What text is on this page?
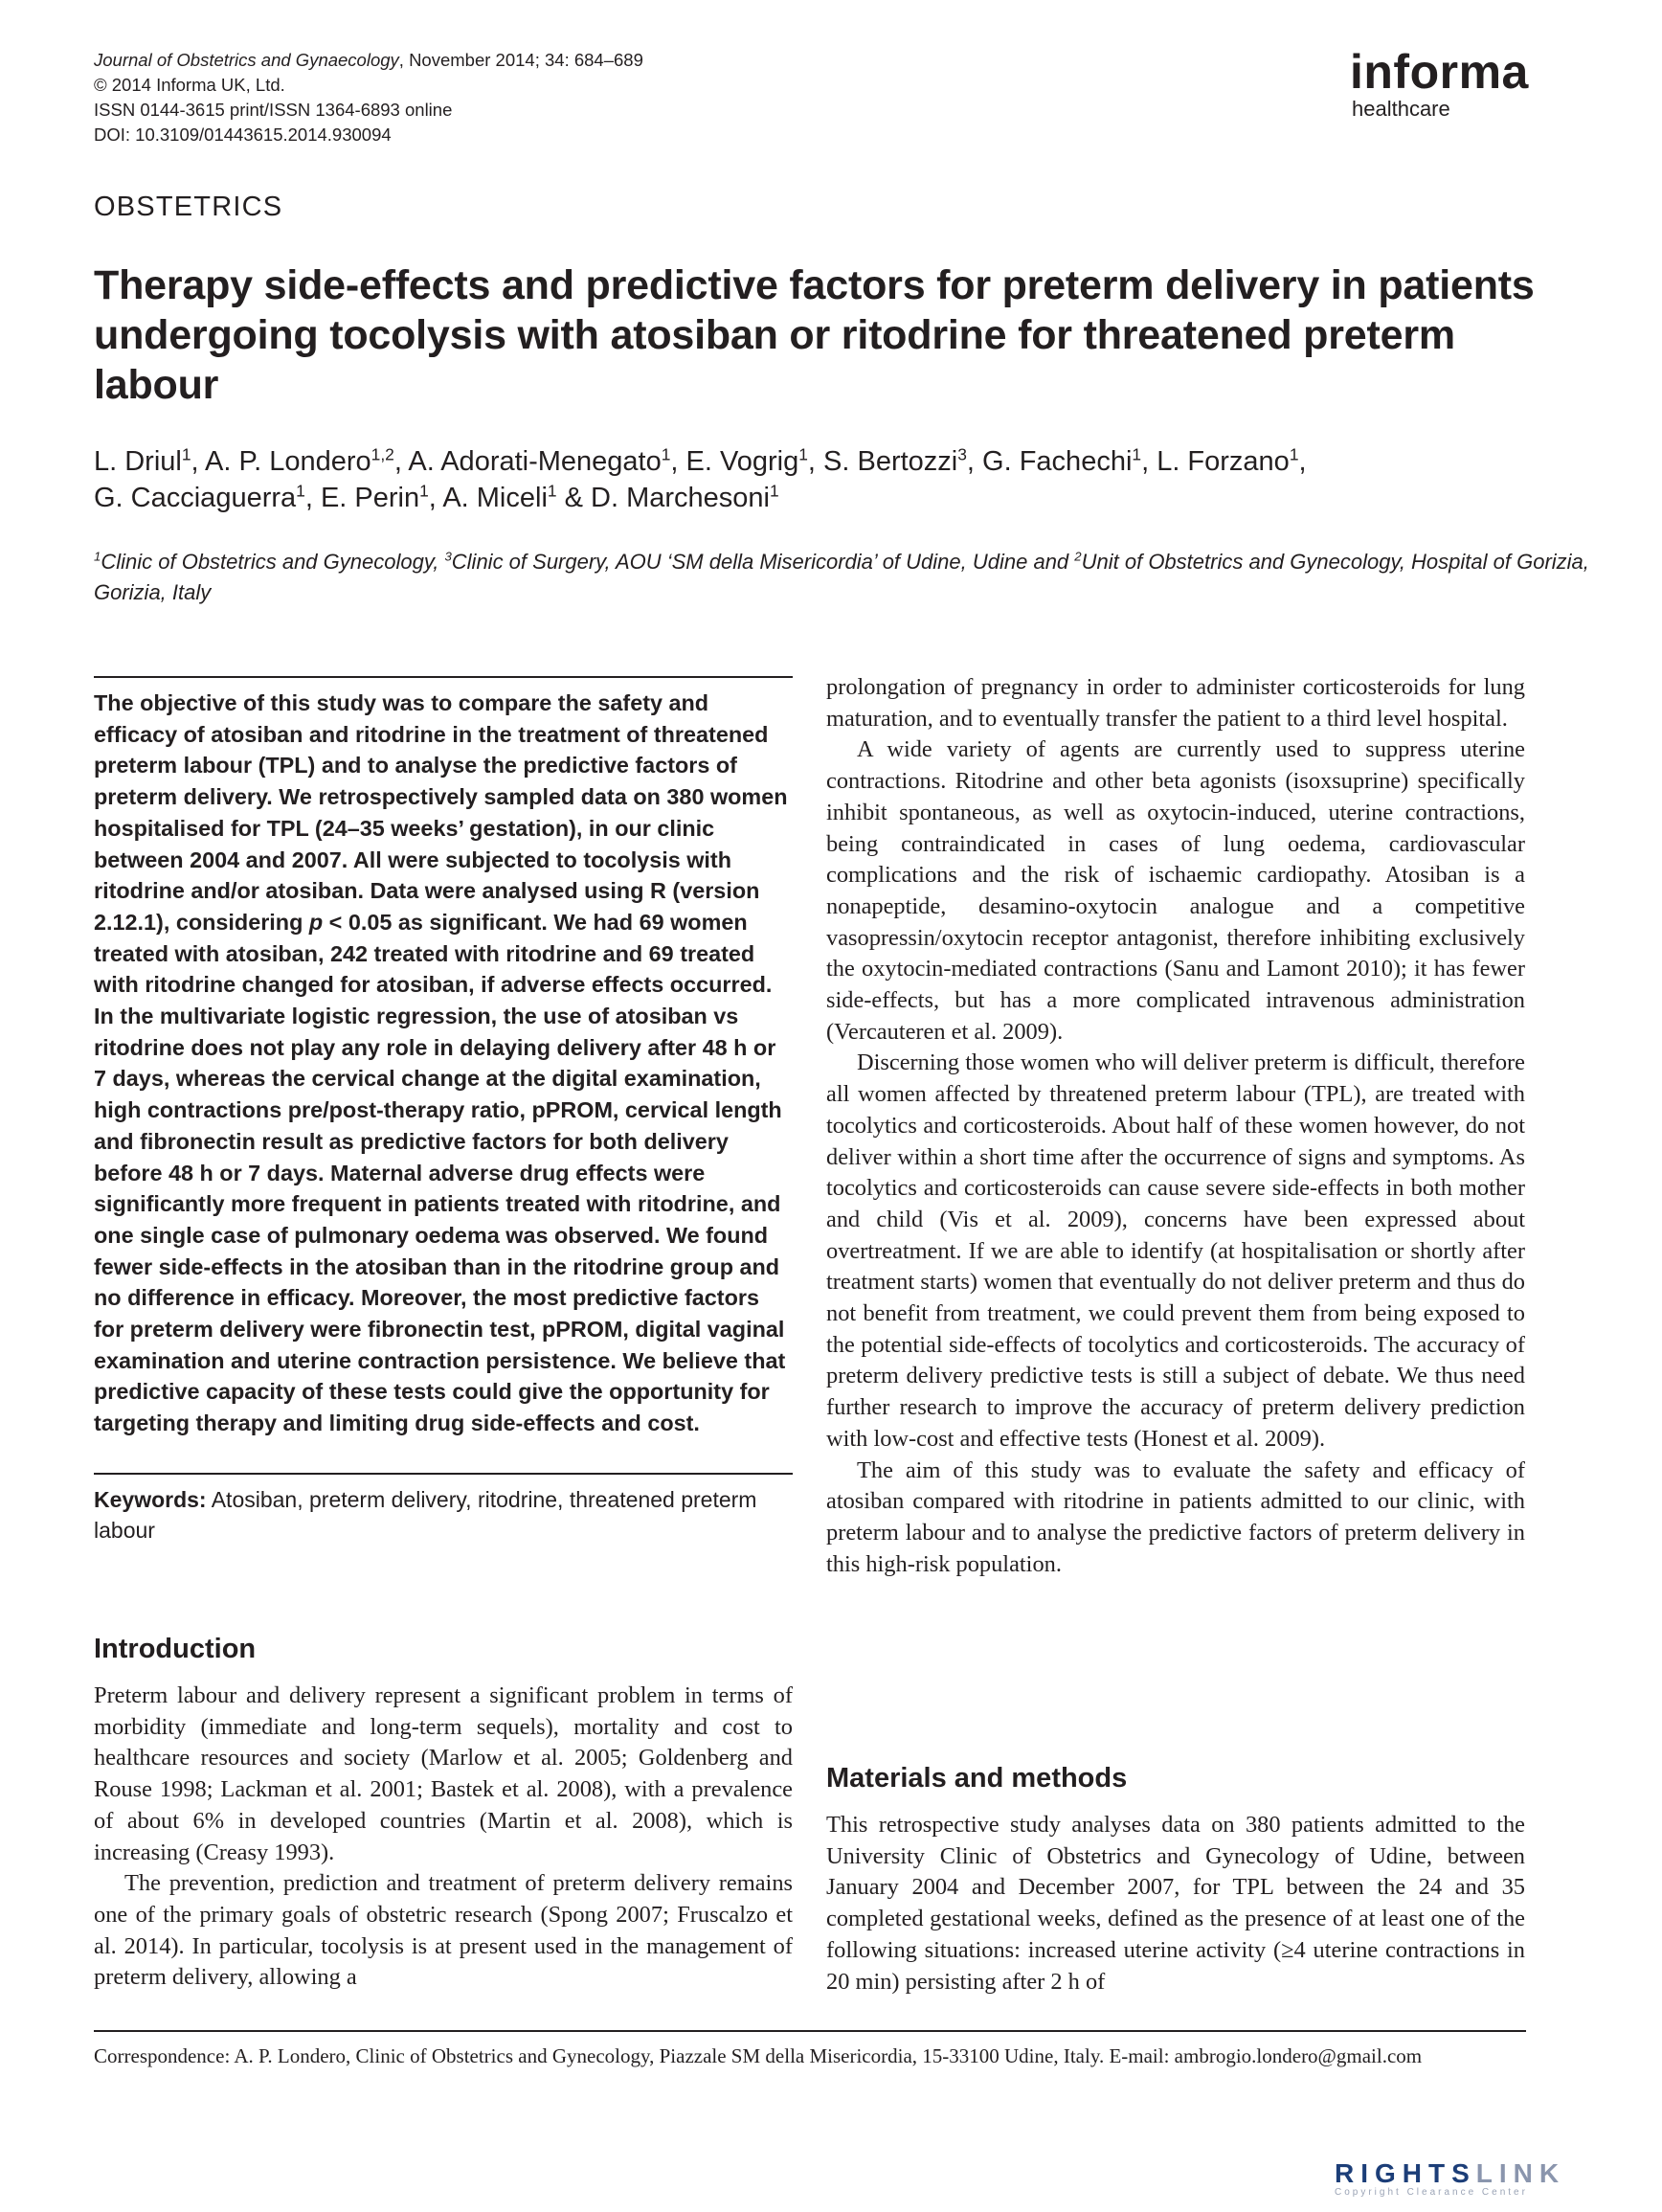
Journal of Obstetrics and Gynaecology, November 2014; 34: 684–689
© 2014 Informa UK, Ltd.
ISSN 0144-3615 print/ISSN 1364-6893 online
DOI: 10.3109/01443615.2014.930094
informa
healthcare
OBSTETRICS
Therapy side-effects and predictive factors for preterm delivery in patients undergoing tocolysis with atosiban or ritodrine for threatened preterm labour
L. Driul$^1$, A. P. Londero$^{1,2}$, A. Adorati-Menegato$^1$, E. Vogrig$^1$, S. Bertozzi$^3$, G. Fachechi$^1$, L. Forzano$^1$,
G. Cacciaguerra$^1$, E. Perin$^1$, A. Miceli$^1$ & D. Marchesoni$^1$
$^1$Clinic of Obstetrics and Gynecology, $^3$Clinic of Surgery, AOU ‘SM della Misericordia’ of Udine, Udine and $^2$Unit of Obstetrics and Gynecology, Hospital of Gorizia, Gorizia, Italy
The objective of this study was to compare the safety and efficacy of atosiban and ritodrine in the treatment of threatened preterm labour (TPL) and to analyse the predictive factors of preterm delivery. We retrospectively sampled data on 380 women hospitalised for TPL (24–35 weeks’ gestation), in our clinic between 2004 and 2007. All were subjected to tocolysis with ritodrine and/or atosiban. Data were analysed using R (version 2.12.1), considering p < 0.05 as significant. We had 69 women treated with atosiban, 242 treated with ritodrine and 69 treated with ritodrine changed for atosiban, if adverse effects occurred. In the multivariate logistic regression, the use of atosiban vs ritodrine does not play any role in delaying delivery after 48 h or 7 days, whereas the cervical change at the digital examination, high contractions pre/post-therapy ratio, pPROM, cervical length and fibronectin result as predictive factors for both delivery before 48 h or 7 days. Maternal adverse drug effects were significantly more frequent in patients treated with ritodrine, and one single case of pulmonary oedema was observed. We found fewer side-effects in the atosiban than in the ritodrine group and no difference in efficacy. Moreover, the most predictive factors for preterm delivery were fibronectin test, pPROM, digital vaginal examination and uterine contraction persistence. We believe that predictive capacity of these tests could give the opportunity for targeting therapy and limiting drug side-effects and cost.
Keywords: Atosiban, preterm delivery, ritodrine, threatened preterm labour
Introduction

Preterm labour and delivery represent a significant problem in terms of morbidity (immediate and long-term sequels), mortality and cost to healthcare resources and society (Marlow et al. 2005; Goldenberg and Rouse 1998; Lackman et al. 2001; Bastek et al. 2008), with a prevalence of about 6% in developed countries (Martin et al. 2008), which is increasing (Creasy 1993).

The prevention, prediction and treatment of preterm delivery remains one of the primary goals of obstetric research (Spong 2007; Fruscalzo et al. 2014). In particular, tocolysis is at present used in the management of preterm delivery, allowing a

prolongation of pregnancy in order to administer corticosteroids for lung maturation, and to eventually transfer the patient to a third level hospital.

A wide variety of agents are currently used to suppress uterine contractions. Ritodrine and other beta agonists (isoxsuprine) specifically inhibit spontaneous, as well as oxytocin-induced, uterine contractions, being contraindicated in cases of lung oedema, cardiovascular complications and the risk of ischaemic cardiopathy. Atosiban is a nonapeptide, desamino-oxytocin analogue and a competitive vasopressin/oxytocin receptor antagonist, therefore inhibiting exclusively the oxytocin-mediated contractions (Sanu and Lamont 2010); it has fewer side-effects, but has a more complicated intravenous administration (Vercauteren et al. 2009).

Discerning those women who will deliver preterm is difficult, therefore all women affected by threatened preterm labour (TPL), are treated with tocolytics and corticosteroids. About half of these women however, do not deliver within a short time after the occurrence of signs and symptoms. As tocolytics and corticosteroids can cause severe side-effects in both mother and child (Vis et al. 2009), concerns have been expressed about overtreatment. If we are able to identify (at hospitalisation or shortly after treatment starts) women that eventually do not deliver preterm and thus do not benefit from treatment, we could prevent them from being exposed to the potential side-effects of tocolytics and corticosteroids. The accuracy of preterm delivery predictive tests is still a subject of debate. We thus need further research to improve the accuracy of preterm delivery prediction with low-cost and effective tests (Honest et al. 2009).

The aim of this study was to evaluate the safety and efficacy of atosiban compared with ritodrine in patients admitted to our clinic, with preterm labour and to analyse the predictive factors of preterm delivery in this high-risk population.

Materials and methods

This retrospective study analyses data on 380 patients admitted to the University Clinic of Obstetrics and Gynecology of Udine, between January 2004 and December 2007, for TPL between the 24 and 35 completed gestational weeks, defined as the presence of at least one of the following situations: increased uterine activity (≥4 uterine contractions in 20 min) persisting after 2 h of

Correspondence: A. P. Londero, Clinic of Obstetrics and Gynecology, Piazzale SM della Misericordia, 15-33100 Udine, Italy. E-mail: ambrogio.londero@gmail.com
RIGHTSLINK
Copyright Clearance Center
